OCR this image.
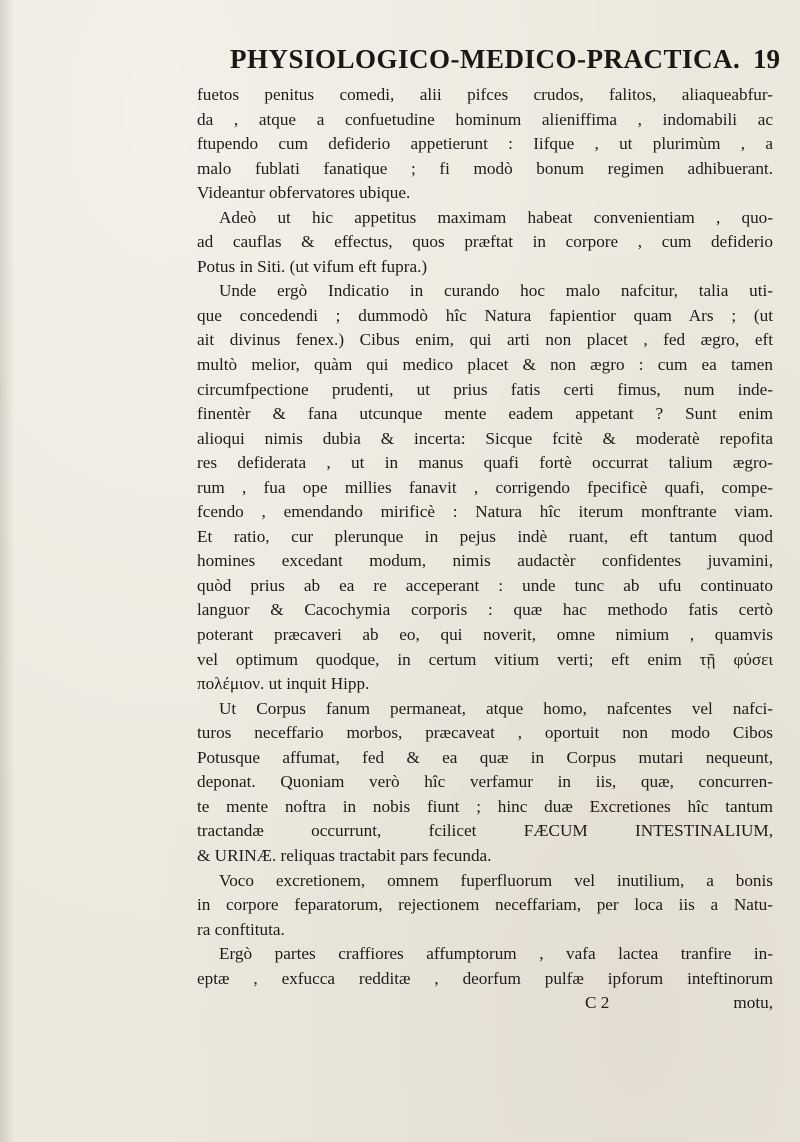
PHYSIOLOGICO-MEDICO-PRACTICA. 19
fuetos penitus comedi, alii pifces crudos, falitos, aliaqueabfur-
da , atque a confuetudine hominum alieniffima , indomabili ac
ftupendo cum defiderio appetierunt : Iifque , ut plurimùm , a
malo fublati fanatique ; fi modò bonum regimen adhibuerant.
Videantur obfervatores ubique.
Adeò ut hic appetitus maximam habeat convenientiam , quo-
ad cauflas & effectus, quos præftat in corpore , cum defiderio
Potus in Siti. (ut vifum eft fupra.)
Unde ergò Indicatio in curando hoc malo nafcitur, talia uti-
que concedendi ; dummodò hîc Natura fapientior quam Ars ; (ut
ait divinus fenex.) Cibus enim, qui arti non placet , fed ægro, eft
multò melior, quàm qui medico placet & non ægro : cum ea tamen
circumfpectione prudenti, ut prius fatis certi fimus, num inde-
finentèr & fana utcunque mente eadem appetant ? Sunt enim
alioqui nimis dubia & incerta: Sicque fcitè & moderatè repofita
res defiderata , ut in manus quafi fortè occurrat talium ægro-
rum , fua ope millies fanavit , corrigendo fpecificè quafi, compe-
fcendo , emendando mirificè : Natura hîc iterum monftrante viam.
Et ratio, cur plerunque in pejus indè ruant, eft tantum quod
homines excedant modum, nimis audactèr confidentes juvamini,
quòd prius ab ea re acceperant : unde tunc ab ufu continuato
languor & Cacochymia corporis : quæ hac methodo fatis certò
poterant præcaveri ab eo, qui noverit, omne nimium , quamvis
vel optimum quodque, in certum vitium verti; eft enim τῇ φύσει
πολέμιον. ut inquit Hipp.
Ut Corpus fanum permaneat, atque homo, nafcentes vel nafci-
turos neceffario morbos, præcaveat , oportuit non modo Cibos
Potusque affumat, fed & ea quæ in Corpus mutari nequeunt,
deponat. Quoniam verò hîc verfamur in iis, quæ, concurren-
te mente noftra in nobis fiunt ; hinc duæ Excretiones hîc tantum
tractandæ occurrunt, fcilicet FÆCUM INTESTINALIUM,
& URINÆ. reliquas tractabit pars fecunda.
Voco excretionem, omnem fuperfluorum vel inutilium, a bonis
in corpore feparatorum, rejectionem neceffariam, per loca iis a Natu-
ra conftituta.
Ergò partes craffiores affumptorum , vafa lactea tranfire in-
eptæ , exfucca redditæ , deorfum pulfæ ipforum inteftinorum
C 2	motu,
